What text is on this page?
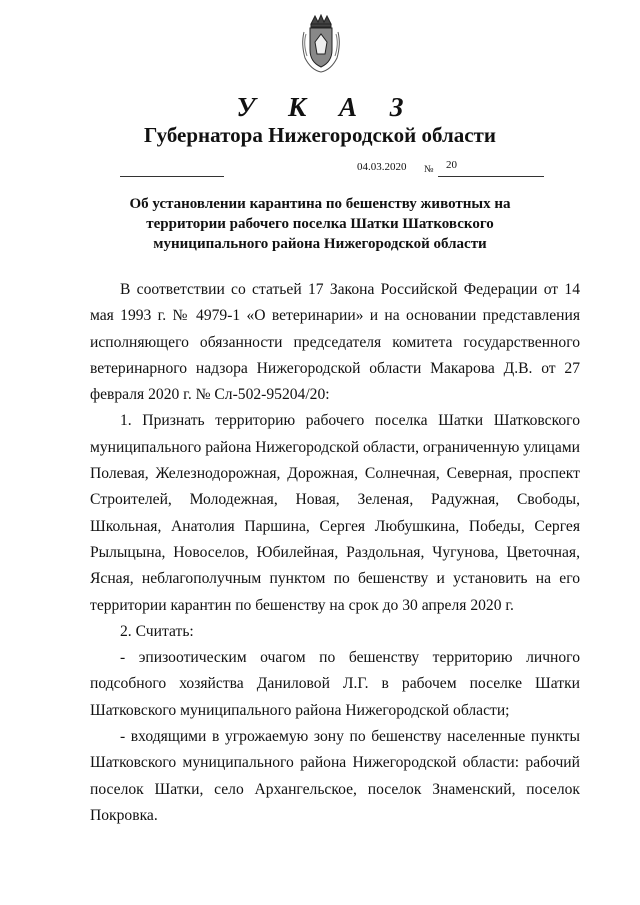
У К А З
Губернатора Нижегородской области
04.03.2020 № 20
Об установлении карантина по бешенству животных на
территории рабочего поселка Шатки Шатковского
муниципального района Нижегородской области

В соответствии со статьей 17 Закона Российской Федерации от 14 мая 1993 г. № 4979-1 «О ветеринарии» и на основании представления исполняющего обязанности председателя комитета государственного ветеринарного надзора Нижегородской области Макарова Д.В. от 27 февраля 2020 г. № Сл-502-95204/20:

1. Признать территорию рабочего поселка Шатки Шатковского муниципального района Нижегородской области, ограниченную улицами Полевая, Железнодорожная, Дорожная, Солнечная, Северная, проспект Строителей, Молодежная, Новая, Зеленая, Радужная, Свободы, Школьная, Анатолия Паршина, Сергея Любушкина, Победы, Сергея Рылыцына, Новоселов, Юбилейная, Раздольная, Чугунова, Цветочная, Ясная, неблагополучным пунктом по бешенству и установить на его территории карантин по бешенству на срок до 30 апреля 2020 г.

2. Считать:

- эпизоотическим очагом по бешенству территорию личного подсобного хозяйства Даниловой Л.Г. в рабочем поселке Шатки Шатковского муниципального района Нижегородской области;

- входящими в угрожаемую зону по бешенству населенные пункты Шатковского муниципального района Нижегородской области: рабочий поселок Шатки, село Архангельское, поселок Знаменский, поселок Покровка.
